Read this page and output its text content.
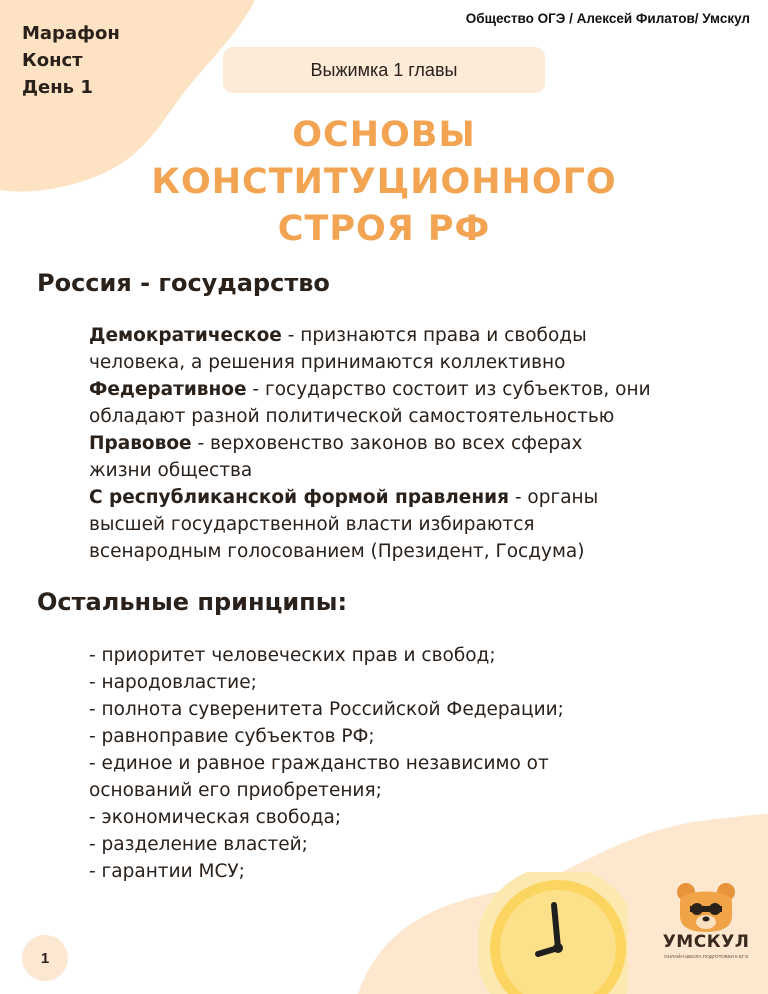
Марафон
Конст
День 1
Общество ОГЭ / Алексей Филатов/ Умскул
Выжимка 1 главы
ОСНОВЫ
КОНСТИТУЦИОННОГО
СТРОЯ РФ
Россия - государство
Демократическое - признаются права и свободы
человека, а решения принимаются коллективно
Федеративное - государство состоит из субъектов, они
обладают разной политической самостоятельностью
Правовое - верховенство законов во всех сферах
жизни общества
С республиканской формой правления - органы
высшей государственной власти избираются
всенародным голосованием (Президент, Госдума)
Остальные принципы:
- приоритет человеческих прав и свобод;
- народовластие;
- полнота суверенитета Российской Федерации;
- равноправие субъектов РФ;
- единое и равное гражданство независимо от
оснований его приобретения;
- экономическая свобода;
- разделение властей;
- гарантии МСУ;
1
УМСКУЛ
ОНЛАЙН-ШКОЛА ПОДГОТОВКИ К ЕГЭ
